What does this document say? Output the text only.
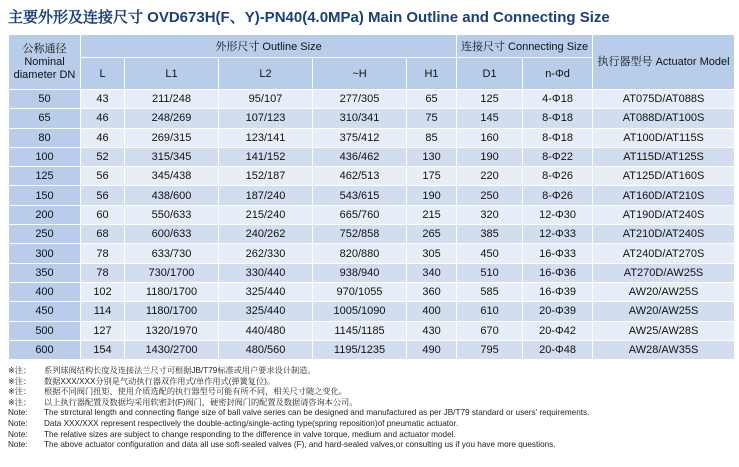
主要外形及连接尺寸 OVD673H(F、Y)-PN40(4.0MPa) Main Outline and Connecting Size
公称通径 Nominal diameter DN	外形尺寸 Outline Size					连接尺寸 Connecting Size		执行器型号 Actuator Model
	L	L1	L2	~H	H1	D1	n-Φd	
50	43	211/248	95/107	277/305	65	125	4-Φ18	AT075D/AT088S
65	46	248/269	107/123	310/341	75	145	8-Φ18	AT088D/AT100S
80	46	269/315	123/141	375/412	85	160	8-Φ18	AT100D/AT115S
100	52	315/345	141/152	436/462	130	190	8-Φ22	AT115D/AT125S
125	56	345/438	152/187	462/513	175	220	8-Φ26	AT125D/AT160S
150	56	438/600	187/240	543/615	190	250	8-Φ26	AT160D/AT210S
200	60	550/633	215/240	665/760	215	320	12-Φ30	AT190D/AT240S
250	68	600/633	240/262	752/858	265	385	12-Φ33	AT210D/AT240S
300	78	633/730	262/330	820/880	305	450	16-Φ33	AT240D/AT270S
350	78	730/1700	330/440	938/940	340	510	16-Φ36	AT270D/AW25S
400	102	1180/1700	325/440	970/1055	360	585	16-Φ39	AW20/AW25S
450	114	1180/1700	325/440	1005/1090	400	610	20-Φ39	AW20/AW25S
500	127	1320/1970	440/480	1145/1185	430	670	20-Φ42	AW25/AW28S
600	154	1430/2700	480/560	1195/1235	490	795	20-Φ48	AW28/AW35S
※注： 系列球阀结构长度及连接法兰尺寸可根据JB/T79标准或用户要求设计制造。
※注： 数据XXX/XXX分别是气动执行器双作用式/单作用式(弹簧复位)。
※注： 根据不同阀门扭矩、使用介质选配的执行器型号可能有所不同，相关尺寸随之变化。
※注： 以上执行器配置及数据均采用软密封(F)阀门，硬密封阀门的配置及数据请咨询本公司。
Note: The strrctural length and connecting flange size of ball valve series can be designed and manufactured as per JB/T79 standard or users' requirements.
Note: Data XXX/XXX represent respectively the double-acting/single-acting type(spring reposition)of pneumatic actuator.
Note: The relative sizes are subject to change responding to the difference in valve torque, medium and actuator model.
Note: The above actuator configuration and data all use soft-sealed valves (F), and hard-sealed valves,or consulting us if you have more questions.
